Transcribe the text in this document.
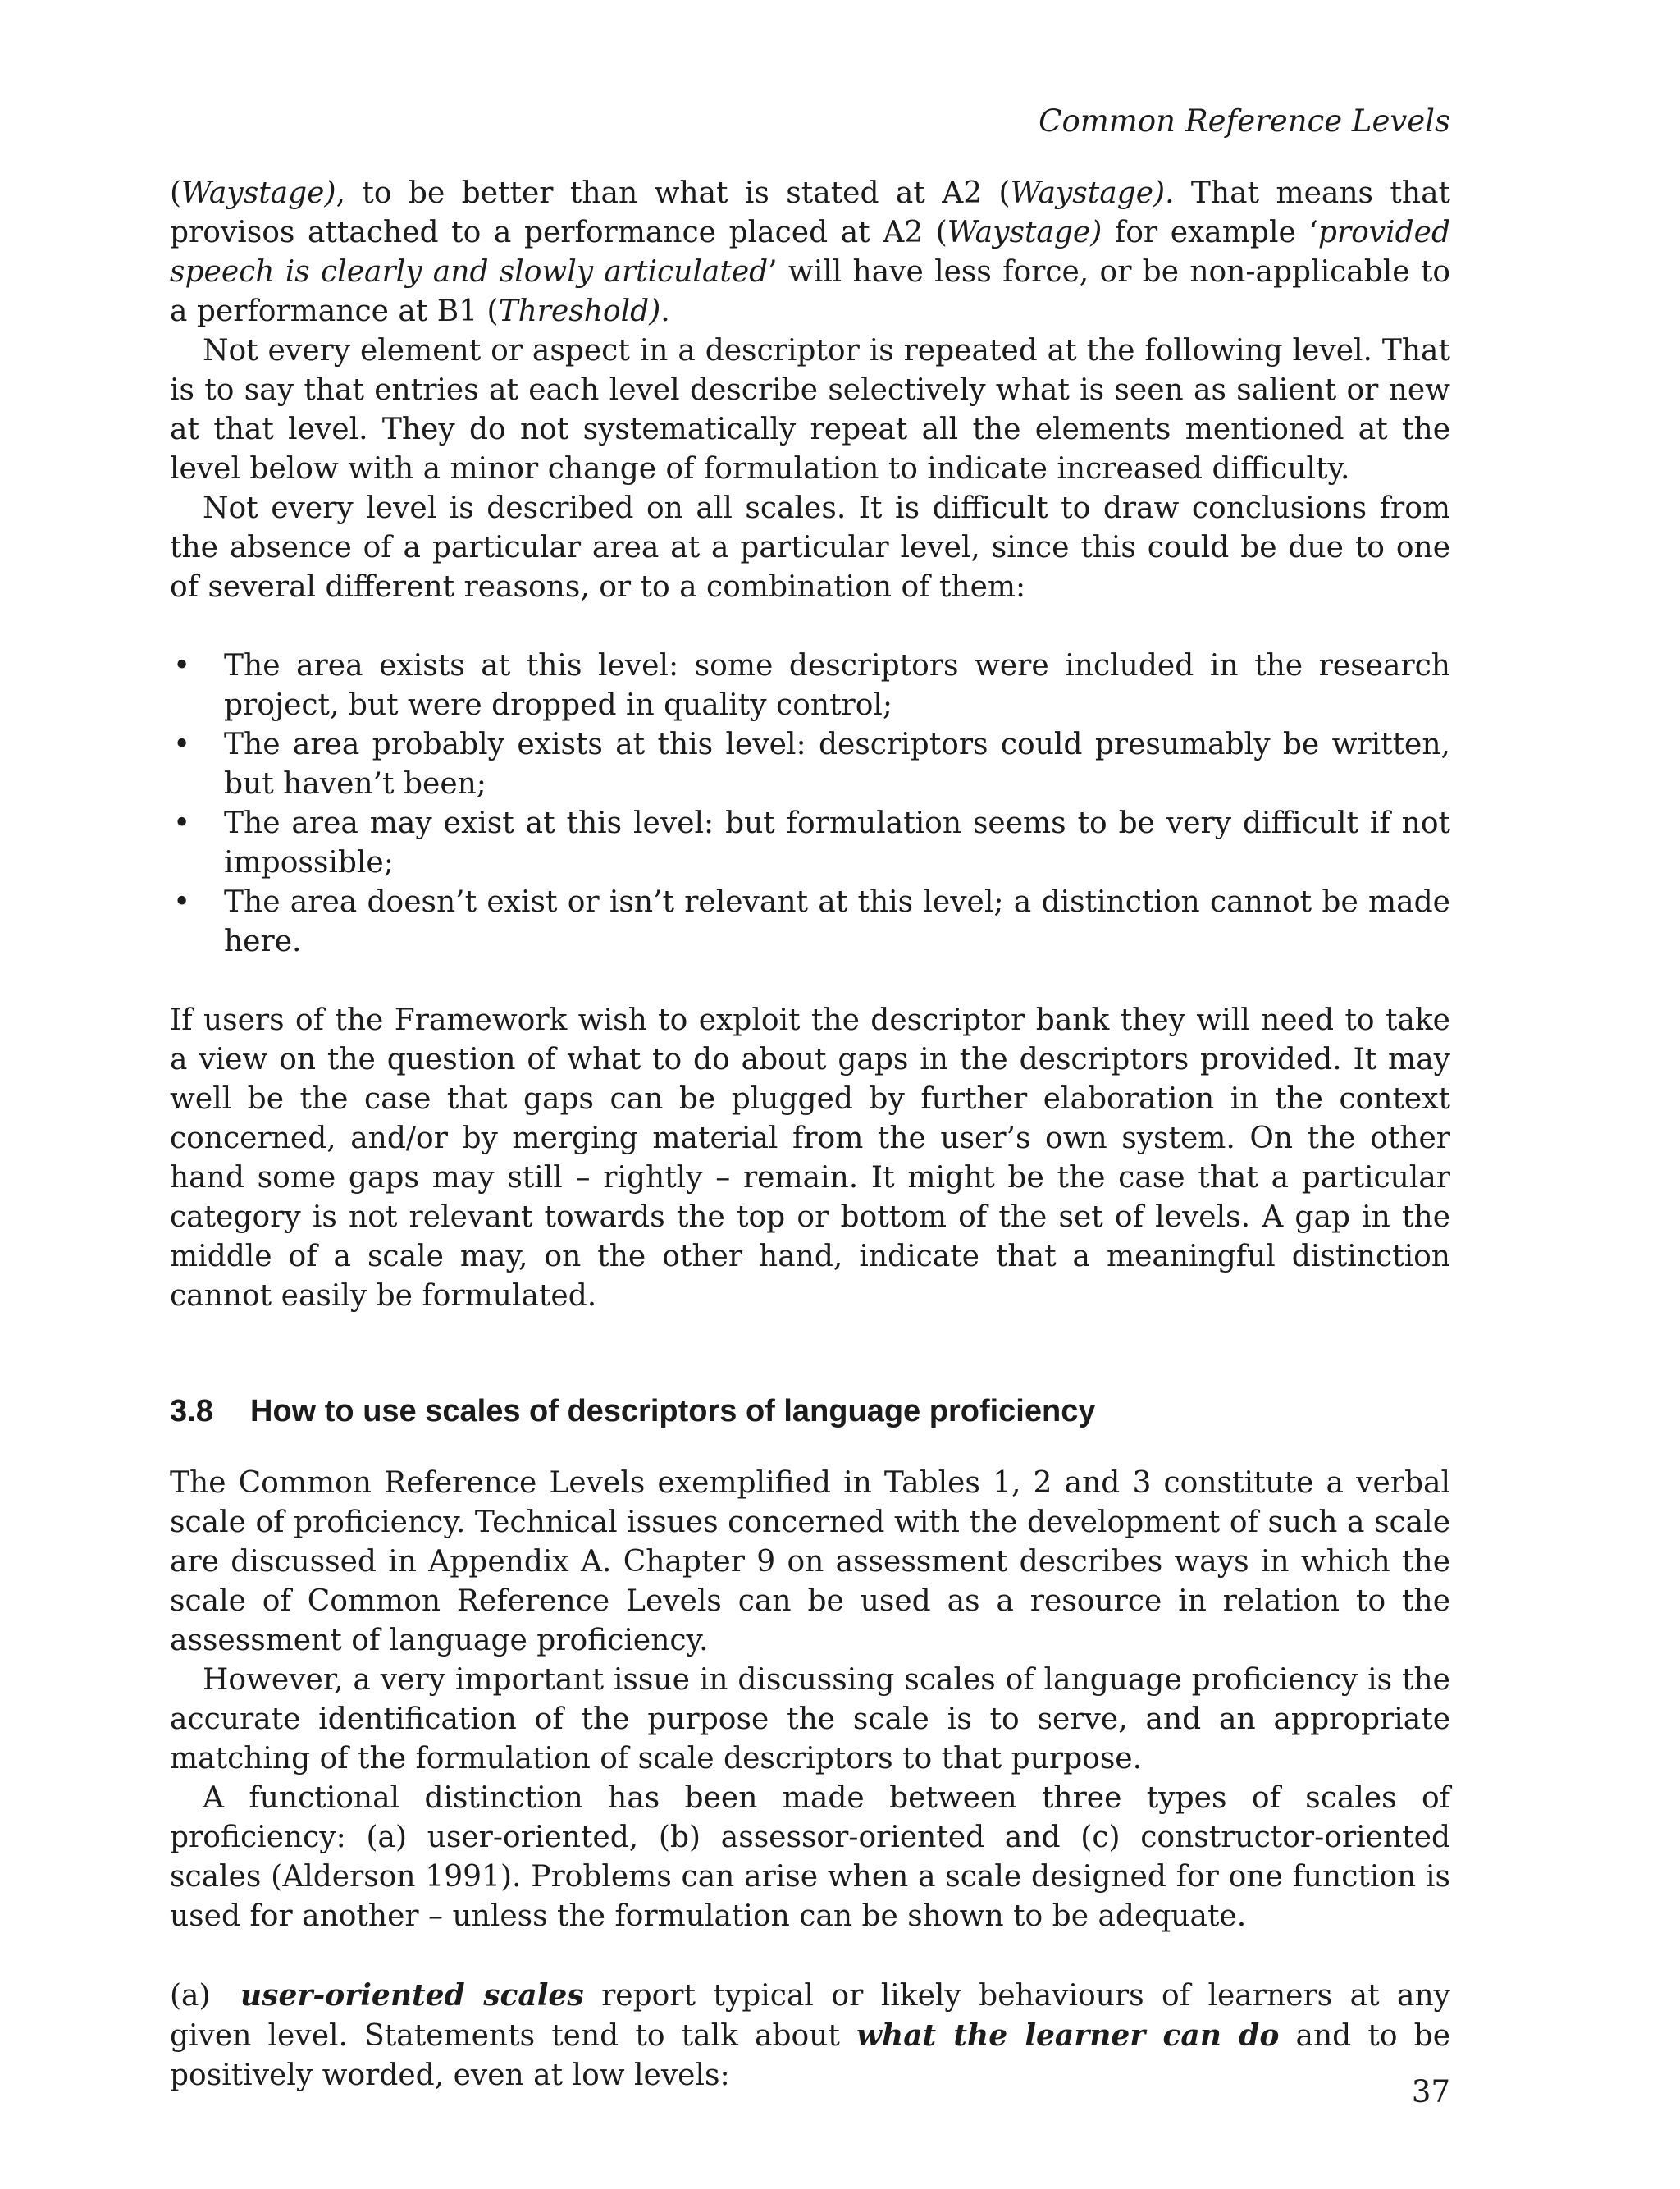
Common Reference Levels

(Waystage), to be better than what is stated at A2 (Waystage). That means that provisos attached to a performance placed at A2 (Waystage) for example ‘provided speech is clearly and slowly articulated’ will have less force, or be non-applicable to a performance at B1 (Threshold).

Not every element or aspect in a descriptor is repeated at the following level. That is to say that entries at each level describe selectively what is seen as salient or new at that level. They do not systematically repeat all the elements mentioned at the level below with a minor change of formulation to indicate increased difficulty.

Not every level is described on all scales. It is difficult to draw conclusions from the absence of a particular area at a particular level, since this could be due to one of several different reasons, or to a combination of them:

• The area exists at this level: some descriptors were included in the research project, but were dropped in quality control;
• The area probably exists at this level: descriptors could presumably be written, but haven’t been;
• The area may exist at this level: but formulation seems to be very difficult if not impossible;
• The area doesn’t exist or isn’t relevant at this level; a distinction cannot be made here.

If users of the Framework wish to exploit the descriptor bank they will need to take a view on the question of what to do about gaps in the descriptors provided. It may well be the case that gaps can be plugged by further elaboration in the context concerned, and/or by merging material from the user’s own system. On the other hand some gaps may still – rightly – remain. It might be the case that a particular category is not relevant towards the top or bottom of the set of levels. A gap in the middle of a scale may, on the other hand, indicate that a meaningful distinction cannot easily be formulated.

3.8 How to use scales of descriptors of language proficiency

The Common Reference Levels exemplified in Tables 1, 2 and 3 constitute a verbal scale of proficiency. Technical issues concerned with the development of such a scale are discussed in Appendix A. Chapter 9 on assessment describes ways in which the scale of Common Reference Levels can be used as a resource in relation to the assessment of language proficiency.

However, a very important issue in discussing scales of language proficiency is the accurate identification of the purpose the scale is to serve, and an appropriate matching of the formulation of scale descriptors to that purpose.

A functional distinction has been made between three types of scales of proficiency: (a) user-oriented, (b) assessor-oriented and (c) constructor-oriented scales (Alderson 1991). Problems can arise when a scale designed for one function is used for another – unless the formulation can be shown to be adequate.

(a) user-oriented scales report typical or likely behaviours of learners at any given level. Statements tend to talk about what the learner can do and to be positively worded, even at low levels:	37
